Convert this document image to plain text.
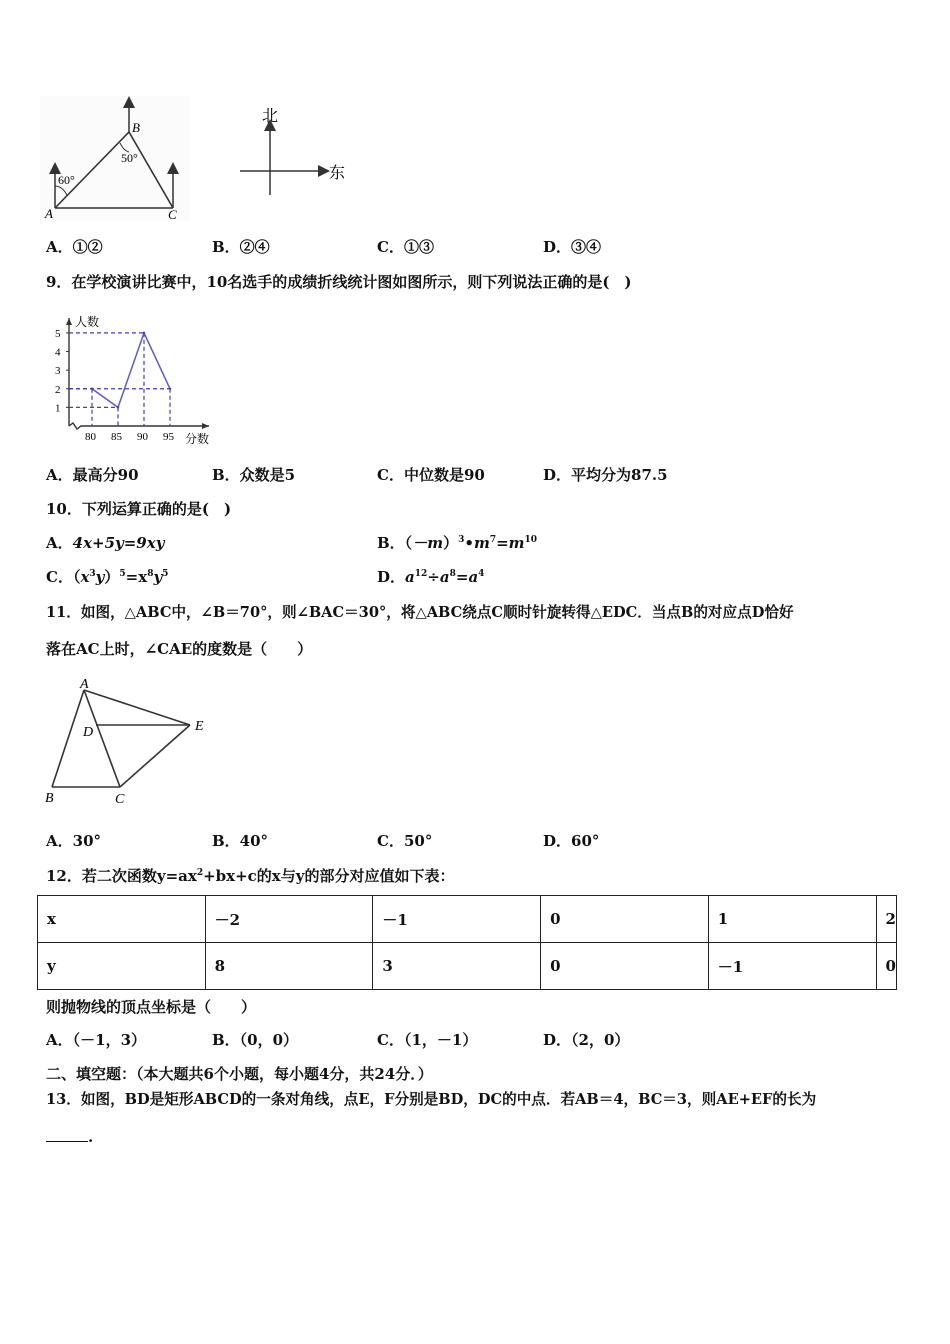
A
B
C
60°
50°
北
东
A．①②	B．②④	C．①③	D．③④
9．在学校演讲比赛中，10名选手的成绩折线统计图如图所示，则下列说法正确的是(　)
人数
分数
1
2
3
4
5
80 85 90 95
A．最高分90	B．众数是5	C．中位数是90	D．平均分为87.5
10．下列运算正确的是(　)
A．4x+5y=9xy	B．$(-m)^3•m^7=m^{10}$
C．$(x^3y)^5=x^8y^5$	D．$a^{12}\div a^8=a^4$
11．如图，△ABC中，∠B＝70°，则∠BAC＝30°，将△ABC绕点C顺时针旋转得△EDC．当点B的对应点D恰好
落在AC上时，∠CAE的度数是（　　）
A
D	E
B	C
A．30°	B．40°	C．50°	D．60°
12．若二次函数$y=ax^2+bx+c$的x与y的部分对应值如下表：
x	－2	－1	0	1	2
y	8	3	0	－1	0
则抛物线的顶点坐标是（　　）
A．（－1，3）	B．（0，0）	C．（1，－1）	D．（2，0）
二、填空题：（本大题共6个小题，每小题4分，共24分．）
13．如图，BD是矩形ABCD的一条对角线，点E，F分别是BD，DC的中点．若AB＝4，BC＝3，则AE+EF的长为
.
